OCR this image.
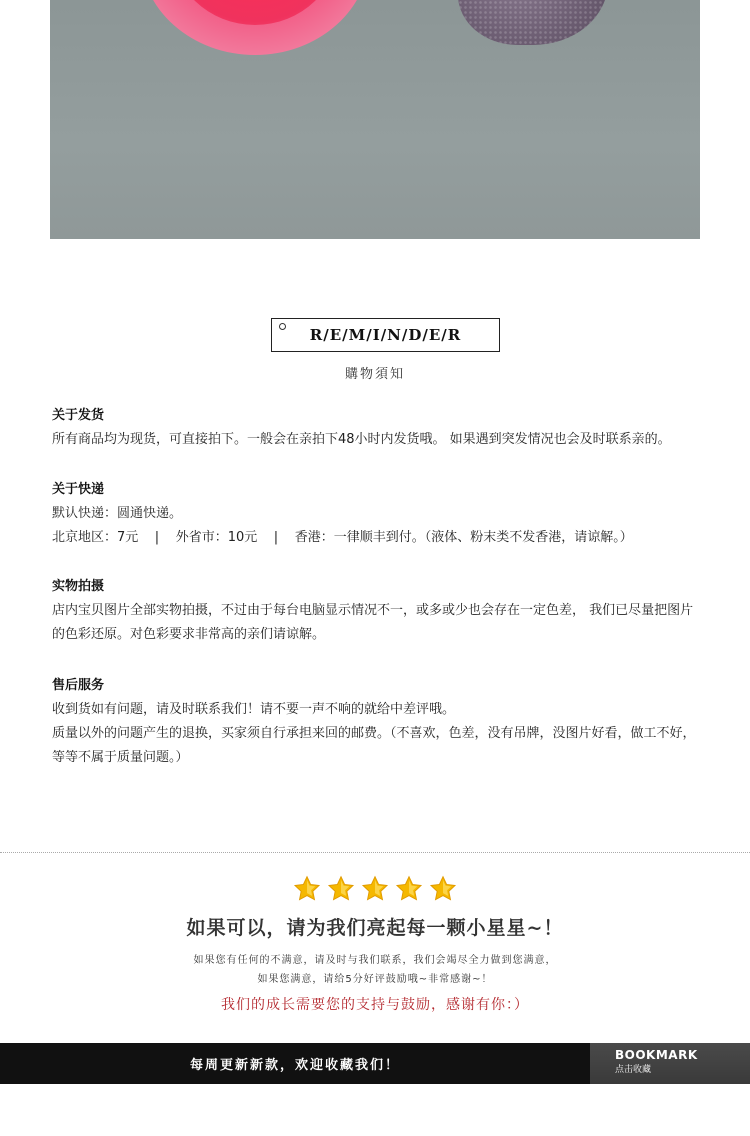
R/E/M/I/N/D/E/R
購物須知
关于发货

所有商品均为现货，可直接拍下。一般会在亲拍下48小时内发货哦。 如果遇到突发情况也会及时联系亲的。

关于快递

默认快递：圆通快递。

北京地区：7元    |    外省市：10元    |    香港：一律顺丰到付。（液体、粉末类不发香港，请谅解。）

实物拍摄

店内宝贝图片全部实物拍摄，不过由于每台电脑显示情况不一，或多或少也会存在一定色差， 我们已尽量把图片的色彩还原。对色彩要求非常高的亲们请谅解。

售后服务

收到货如有问题，请及时联系我们！请不要一声不响的就给中差评哦。

质量以外的问题产生的退换，买家须自行承担来回的邮费。（不喜欢，色差，没有吊牌，没图片好看，做工不好，等等不属于质量问题。）

如果可以，请为我们亮起每一颗小星星~！
如果您有任何的不满意，请及时与我们联系，我们会竭尽全力做到您满意，
如果您满意，请给5分好评鼓励哦~非常感谢~！
我们的成长需要您的支持与鼓励，感谢有你：）
每周更新新款，欢迎收藏我们！
BOOKMARK
点击收藏
